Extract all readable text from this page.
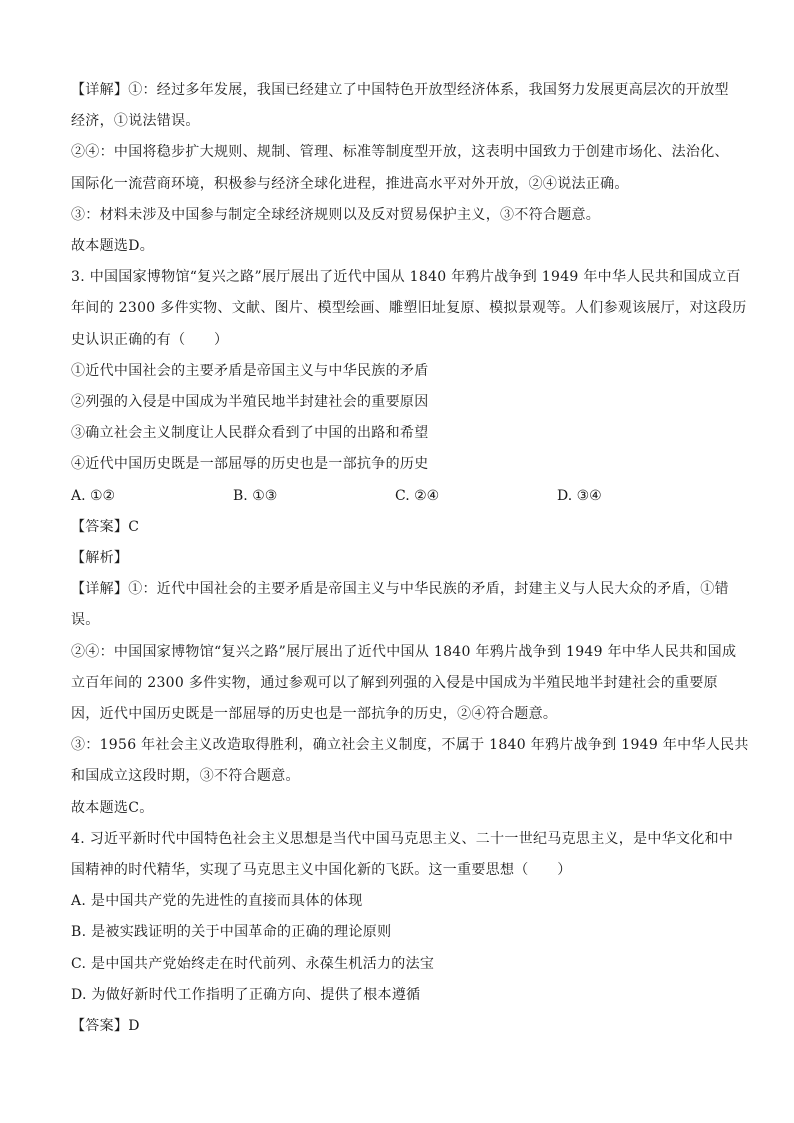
【详解】①：经过多年发展，我国已经建立了中国特色开放型经济体系，我国努力发展更高层次的开放型
经济，①说法错误。
②④：中国将稳步扩大规则、规制、管理、标准等制度型开放，这表明中国致力于创建市场化、法治化、
国际化一流营商环境，积极参与经济全球化进程，推进高水平对外开放，②④说法正确。
③：材料未涉及中国参与制定全球经济规则以及反对贸易保护主义，③不符合题意。
故本题选D。
3. 中国国家博物馆“复兴之路”展厅展出了近代中国从 1840 年鸦片战争到 1949 年中华人民共和国成立百
年间的 2300 多件实物、文献、图片、模型绘画、雕塑旧址复原、模拟景观等。人们参观该展厅，对这段历
史认识正确的有（　　）
①近代中国社会的主要矛盾是帝国主义与中华民族的矛盾
②列强的入侵是中国成为半殖民地半封建社会的重要原因
③确立社会主义制度让人民群众看到了中国的出路和希望
④近代中国历史既是一部屈辱的历史也是一部抗争的历史
A. ①②	B. ①③	C. ②④	D. ③④
【答案】C
【解析】
【详解】①：近代中国社会的主要矛盾是帝国主义与中华民族的矛盾，封建主义与人民大众的矛盾，①错
误。
②④：中国国家博物馆“复兴之路”展厅展出了近代中国从 1840 年鸦片战争到 1949 年中华人民共和国成
立百年间的 2300 多件实物，通过参观可以了解到列强的入侵是中国成为半殖民地半封建社会的重要原
因，近代中国历史既是一部屈辱的历史也是一部抗争的历史，②④符合题意。
③：1956 年社会主义改造取得胜利，确立社会主义制度，不属于 1840 年鸦片战争到 1949 年中华人民共
和国成立这段时期，③不符合题意。
故本题选C。
4. 习近平新时代中国特色社会主义思想是当代中国马克思主义、二十一世纪马克思主义，是中华文化和中
国精神的时代精华，实现了马克思主义中国化新的飞跃。这一重要思想（　　）
A. 是中国共产党的先进性的直接而具体的体现
B. 是被实践证明的关于中国革命的正确的理论原则
C. 是中国共产党始终走在时代前列、永葆生机活力的法宝
D. 为做好新时代工作指明了正确方向、提供了根本遵循
【答案】D
